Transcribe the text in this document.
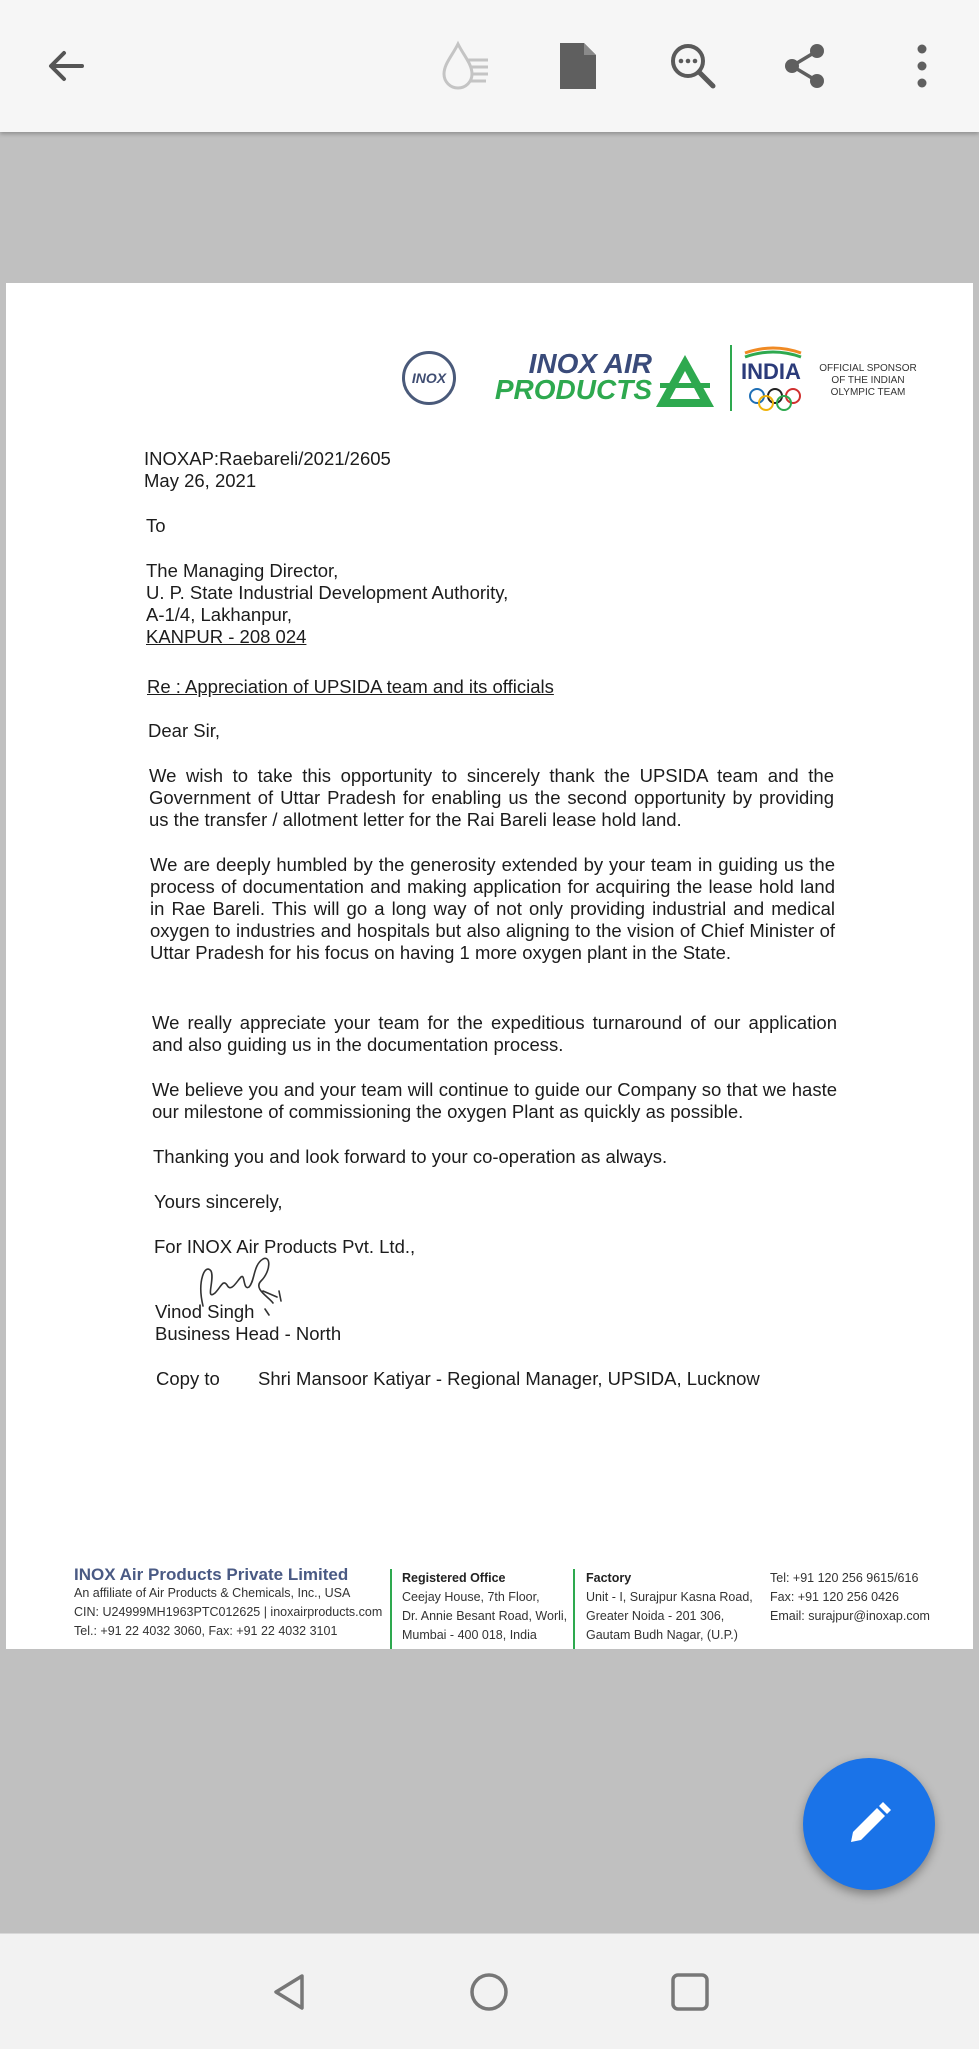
INOX	INOX AIR
PRODUCTS
INDIA OFFICIAL SPONSOR
OF THE INDIAN
OLYMPIC TEAM
INOXAP:Raebareli/2021/2605
May 26, 2021
To
The Managing Director,
U. P. State Industrial Development Authority,
A-1/4, Lakhanpur,
KANPUR - 208 024
Re : Appreciation of UPSIDA team and its officials
Dear Sir,
We wish to take this opportunity to sincerely thank the UPSIDA team and the Government of Uttar Pradesh for enabling us the second opportunity by providing us the transfer / allotment letter for the Rai Bareli lease hold land.
We are deeply humbled by the generosity extended by your team in guiding us the process of documentation and making application for acquiring the lease hold land in Rae Bareli. This will go a long way of not only providing industrial and medical oxygen to industries and hospitals but also aligning to the vision of Chief Minister of Uttar Pradesh for his focus on having 1 more oxygen plant in the State.
We really appreciate your team for the expeditious turnaround of our application and also guiding us in the documentation process.
We believe you and your team will continue to guide our Company so that we haste our milestone of commissioning the oxygen Plant as quickly as possible.
Thanking you and look forward to your co-operation as always.
Yours sincerely,
For INOX Air Products Pvt. Ltd.,
Vinod Singh
Business Head - North
Copy to Shri Mansoor Katiyar - Regional Manager, UPSIDA, Lucknow
INOX Air Products Private Limited
An affiliate of Air Products & Chemicals, Inc., USA
CIN: U24999MH1963PTC012625 | inoxairproducts.com
Tel.: +91 22 4032 3060, Fax: +91 22 4032 3101
Registered Office
Ceejay House, 7th Floor,
Dr. Annie Besant Road, Worli,
Mumbai - 400 018, India
Factory
Unit - I, Surajpur Kasna Road,
Greater Noida - 201 306,
Gautam Budh Nagar, (U.P.)
Tel: +91 120 256 9615/616
Fax: +91 120 256 0426
Email: surajpur@inoxap.com
